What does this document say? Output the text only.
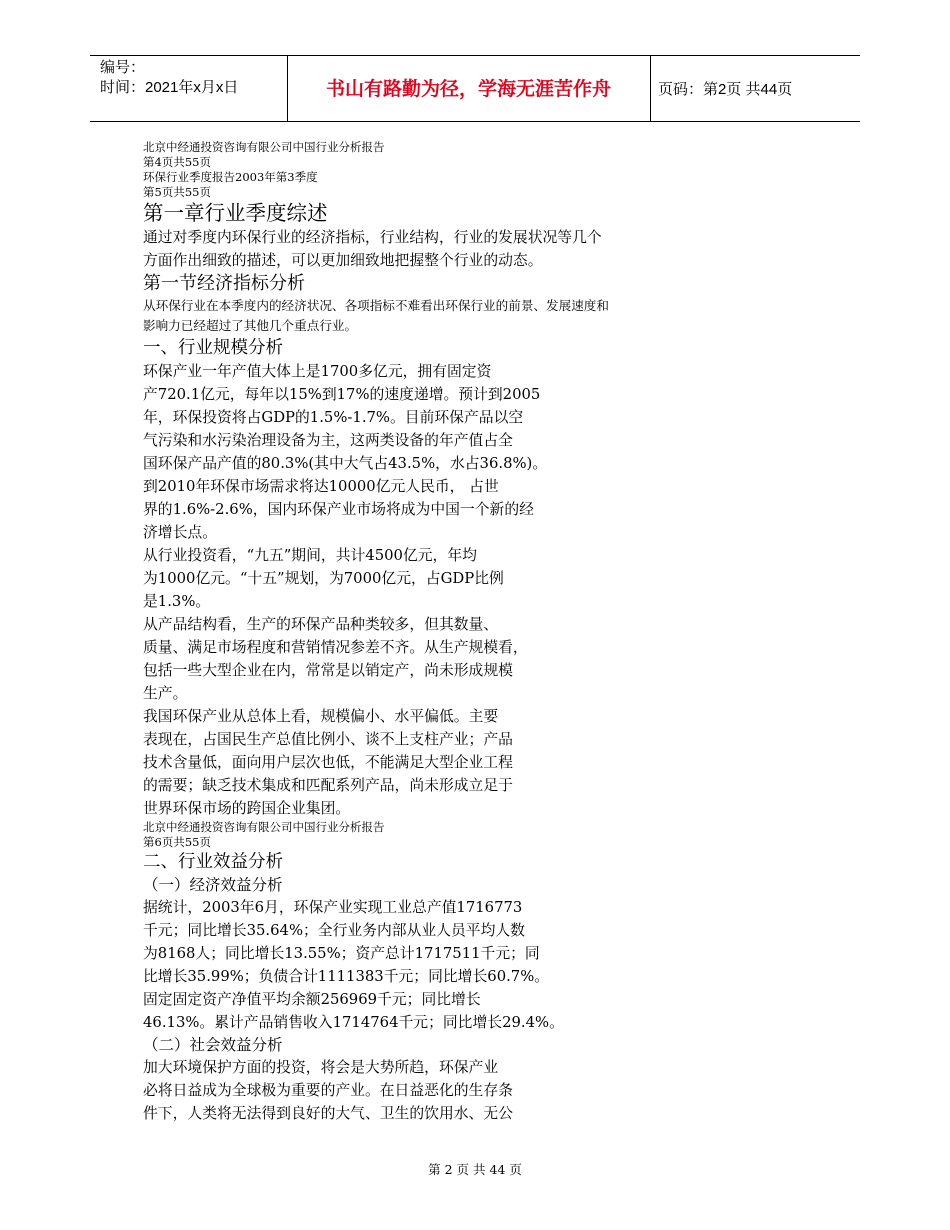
编号：
时间：2021年x月x日	书山有路勤为径，学海无涯苦作舟	页码：第2页 共44页
北京中经通投资咨询有限公司中国行业分析报告
第4页共55页
环保行业季度报告2003年第3季度
第5页共55页
第一章行业季度综述
通过对季度内环保行业的经济指标，行业结构，行业的发展状况等几个
方面作出细致的描述，可以更加细致地把握整个行业的动态。
第一节经济指标分析
从环保行业在本季度内的经济状况、各项指标不难看出环保行业的前景、发展速度和
影响力已经超过了其他几个重点行业。
一、行业规模分析
环保产业一年产值大体上是1700多亿元，拥有固定资
产720.1亿元，每年以15%到17%的速度递增。预计到2005
年，环保投资将占GDP的1.5%-1.7%。目前环保产品以空
气污染和水污染治理设备为主，这两类设备的年产值占全
国环保产品产值的80.3%(其中大气占43.5%，水占36.8%)。
到2010年环保市场需求将达10000亿元人民币， 占世
界的1.6%-2.6%，国内环保产业市场将成为中国一个新的经
济增长点。
从行业投资看，“九五”期间，共计4500亿元，年均
为1000亿元。“十五”规划，为7000亿元，占GDP比例
是1.3%。
从产品结构看，生产的环保产品种类较多，但其数量、
质量、满足市场程度和营销情况参差不齐。从生产规模看，
包括一些大型企业在内，常常是以销定产，尚未形成规模
生产。
我国环保产业从总体上看，规模偏小、水平偏低。主要
表现在，占国民生产总值比例小、谈不上支柱产业；产品
技术含量低，面向用户层次也低，不能满足大型企业工程
的需要；缺乏技术集成和匹配系列产品，尚未形成立足于
世界环保市场的跨国企业集团。
北京中经通投资咨询有限公司中国行业分析报告
第6页共55页
二、行业效益分析
（一）经济效益分析
据统计，2003年6月，环保产业实现工业总产值1716773
千元；同比增长35.64%；全行业务内部从业人员平均人数
为8168人；同比增长13.55%；资产总计1717511千元；同
比增长35.99%；负债合计1111383千元；同比增长60.7%。
固定固定资产净值平均余额256969千元；同比增长
46.13%。累计产品销售收入1714764千元；同比增长29.4%。
（二）社会效益分析
加大环境保护方面的投资，将会是大势所趋，环保产业
必将日益成为全球极为重要的产业。在日益恶化的生存条
件下，人类将无法得到良好的大气、卫生的饮用水、无公
第 2 页 共 44 页
